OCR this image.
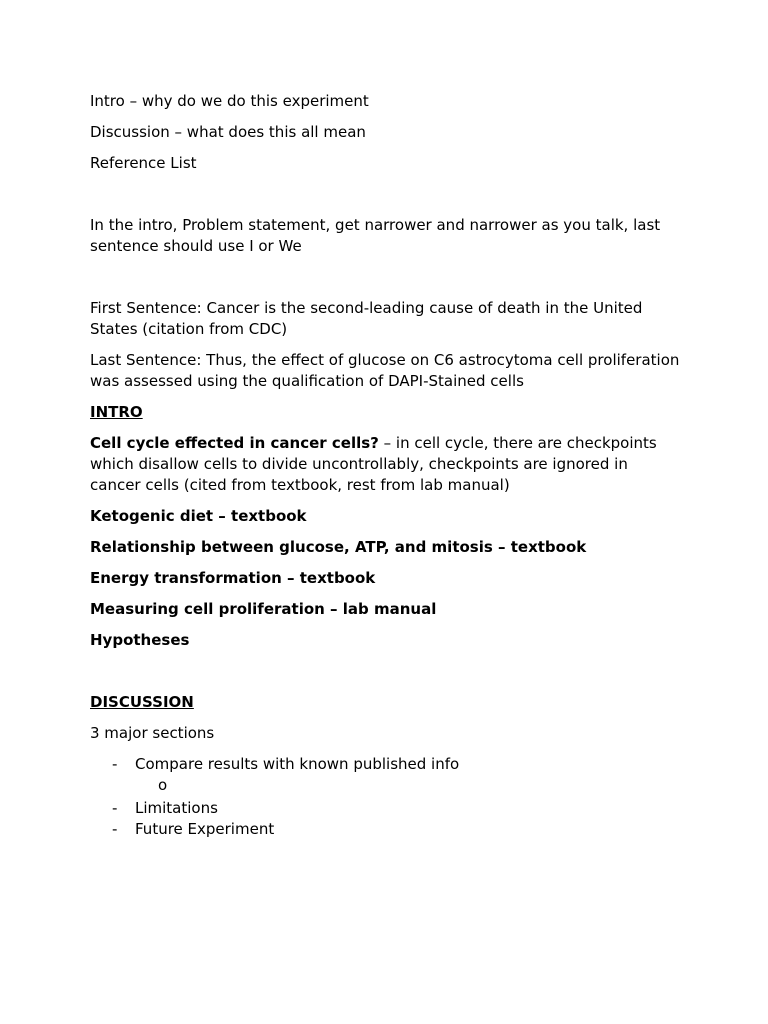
Intro – why do we do this experiment
Discussion – what does this all mean
Reference List
In the intro, Problem statement, get narrower and narrower as you talk, last sentence should use I or We
First Sentence: Cancer is the second-leading cause of death in the United States (citation from CDC)
Last Sentence: Thus, the effect of glucose on C6 astrocytoma cell proliferation was assessed using the qualification of DAPI-Stained cells
INTRO
Cell cycle effected in cancer cells? – in cell cycle, there are checkpoints which disallow cells to divide uncontrollably, checkpoints are ignored in cancer cells (cited from textbook, rest from lab manual)
Ketogenic diet – textbook
Relationship between glucose, ATP, and mitosis – textbook
Energy transformation – textbook
Measuring cell proliferation – lab manual
Hypotheses
DISCUSSION
3 major sections
- Compare results with known published info
o
- Limitations
- Future Experiment
